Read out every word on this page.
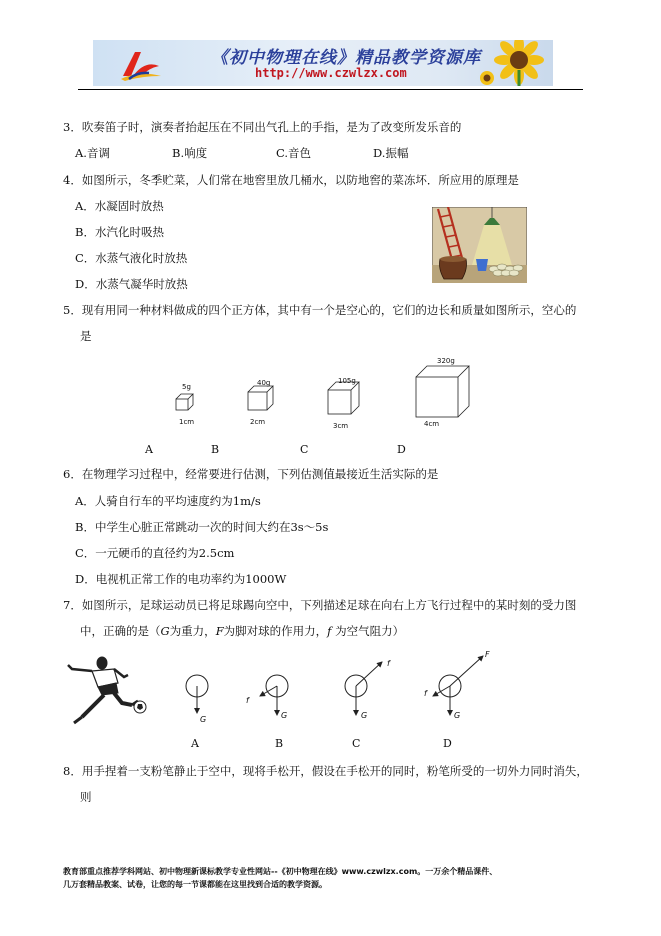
《初中物理在线》精品教学资源库
http://www.czwlzx.com
3．吹奏笛子时，演奏者抬起压在不同出气孔上的手指，是为了改变所发乐音的
A.音调	B.响度	C.音色	D.振幅
4．如图所示，冬季贮菜，人们常在地窖里放几桶水，以防地窖的菜冻坏．所应用的原理是
A．水凝固时放热
B．水汽化时吸热
C．水蒸气液化时放热
D．水蒸气凝华时放热
5．现有用同一种材料做成的四个正方体，其中有一个是空心的，它们的边长和质量如图所示，空心的
是
5g
1cm
40g
2cm
105g
3cm
320g
4cm
A	B	C	D
6．在物理学习过程中，经常要进行估测，下列估测值最接近生活实际的是
A．人骑自行车的平均速度约为1m/s
B．中学生心脏正常跳动一次的时间大约在3s～5s
C．一元硬币的直径约为2.5cm
D．电视机正常工作的电功率约为1000W
7．如图所示，足球运动员已将足球踢向空中，下列描述足球在向右上方飞行过程中的某时刻的受力图
中，正确的是（G为重力，F为脚对球的作用力，f 为空气阻力）
G
f
G
f
G
F
f
G
A	B	C	D
8．用手捏着一支粉笔静止于空中，现将手松开，假设在手松开的同时，粉笔所受的一切外力同时消失，
则
教育部重点推荐学科网站、初中物理新课标教学专业性网站--《初中物理在线》www.czwlzx.com。一万余个精品课件、
几万套精品教案、试卷，让您的每一节课都能在这里找到合适的教学资源。
